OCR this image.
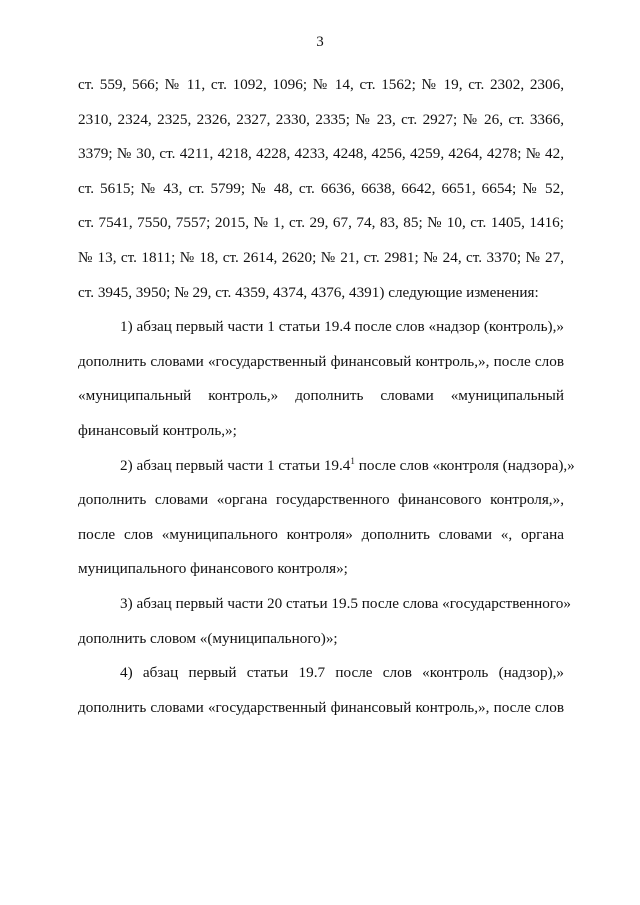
3
ст. 559, 566; № 11, ст. 1092, 1096; № 14, ст. 1562; № 19, ст. 2302, 2306,
2310, 2324, 2325, 2326, 2327, 2330, 2335; № 23, ст. 2927; № 26, ст. 3366,
3379; № 30, ст. 4211, 4218, 4228, 4233, 4248, 4256, 4259, 4264, 4278; № 42,
ст. 5615; № 43, ст. 5799; № 48, ст. 6636, 6638, 6642, 6651, 6654; № 52,
ст. 7541, 7550, 7557; 2015, № 1, ст. 29, 67, 74, 83, 85; № 10, ст. 1405, 1416;
№ 13, ст. 1811; № 18, ст. 2614, 2620; № 21, ст. 2981; № 24, ст. 3370; № 27,
ст. 3945, 3950; № 29, ст. 4359, 4374, 4376, 4391) следующие изменения:
1) абзац первый части 1 статьи 19.4 после слов «надзор (контроль),»
дополнить словами «государственный финансовый контроль,», после слов
«муниципальный контроль,» дополнить словами «муниципальный
финансовый контроль,»;
2) абзац первый части 1 статьи 19.4$^1$ после слов «контроля (надзора),»
дополнить словами «органа государственного финансового контроля,»,
после слов «муниципального контроля» дополнить словами «, органа
муниципального финансового контроля»;
3) абзац первый части 20 статьи 19.5 после слова «государственного»
дополнить словом «(муниципального)»;
4) абзац первый статьи 19.7 после слов «контроль (надзор),»
дополнить словами «государственный финансовый контроль,», после слов
